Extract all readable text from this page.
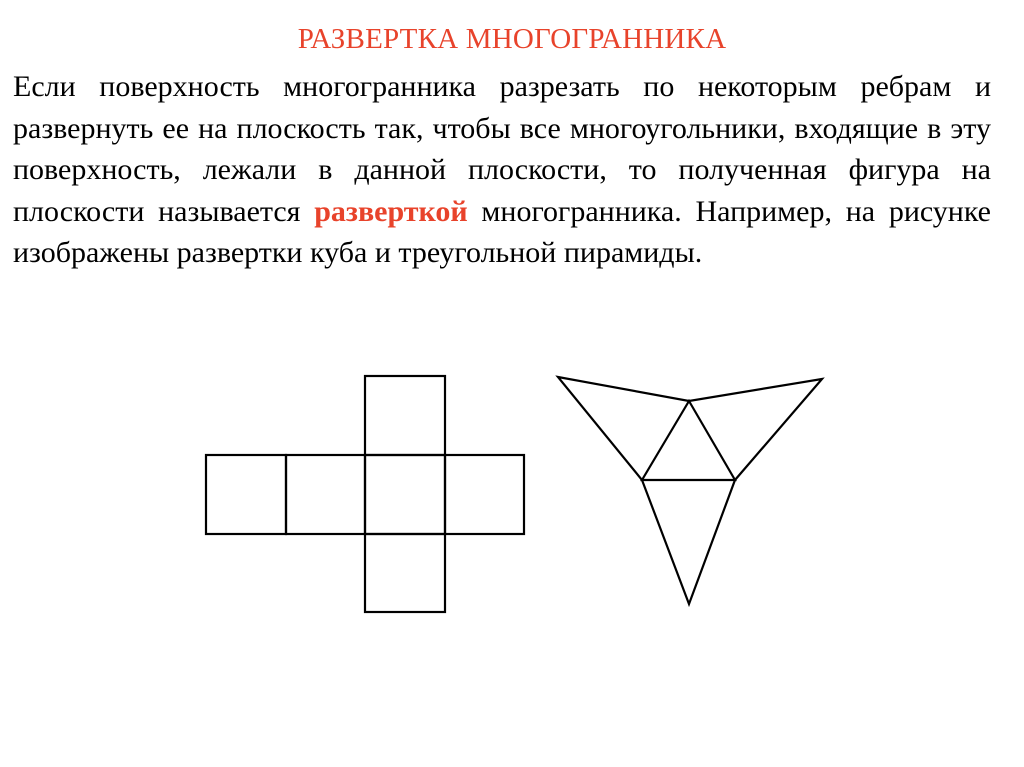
РАЗВЕРТКА МНОГОГРАННИКА

Если поверхность многогранника разрезать по некоторым ребрам и развернуть ее на плоскость так, чтобы все многоугольники, входящие в эту поверхность, лежали в данной плоскости, то полученная фигура на плоскости называется разверткой многогранника. Например, на рисунке изображены развертки куба и треугольной пирамиды.
